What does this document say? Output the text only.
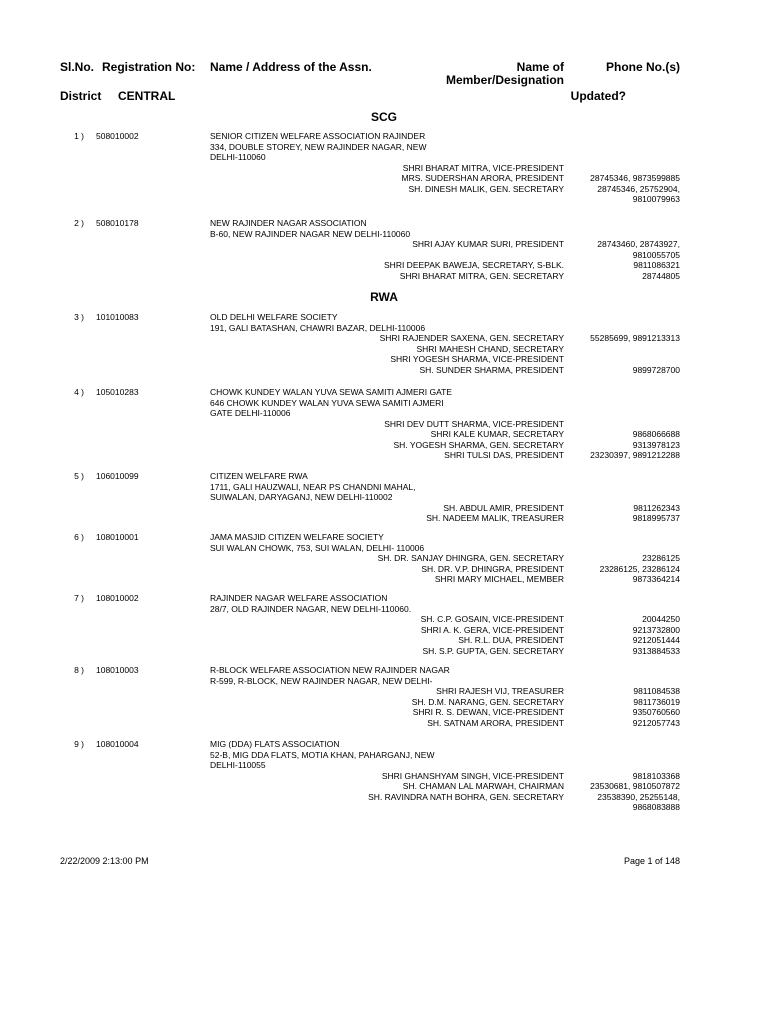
Sl.No. Registration No: Name / Address of the Assn.	Name of
Member/Designation
Phone No.(s)
District CENTRAL	Updated?
SCG
1 ) 508010002	SENIOR CITIZEN WELFARE ASSOCIATION RAJINDER
334, DOUBLE STOREY, NEW RAJINDER NAGAR, NEW
DELHI-110060
SHRI BHARAT MITRA, VICE-PRESIDENT
MRS. SUDERSHAN ARORA, PRESIDENT	28745346, 9873599885
SH. DINESH MALIK, GEN. SECRETARY	28745346, 25752904,
9810079963
2 ) 508010178	NEW RAJINDER NAGAR ASSOCIATION
B-60, NEW RAJINDER NAGAR NEW DELHI-110060
SHRI AJAY KUMAR SURI, PRESIDENT	28743460, 28743927,
9810055705
SHRI DEEPAK BAWEJA, SECRETARY, S-BLK.	9811086321
SHRI BHARAT MITRA, GEN. SECRETARY	28744805
RWA
3 ) 101010083	OLD DELHI WELFARE SOCIETY
191, GALI BATASHAN, CHAWRI BAZAR, DELHI-110006
SHRI RAJENDER SAXENA, GEN. SECRETARY	55285699, 9891213313
SHRI MAHESH CHAND, SECRETARY
SHRI YOGESH SHARMA, VICE-PRESIDENT
SH. SUNDER SHARMA, PRESIDENT	9899728700
4 ) 105010283	CHOWK KUNDEY WALAN YUVA SEWA SAMITI AJMERI GATE
646 CHOWK KUNDEY WALAN YUVA SEWA SAMITI AJMERI
GATE DELHI-110006
SHRI DEV DUTT SHARMA, VICE-PRESIDENT
SHRI KALE KUMAR, SECRETARY	9868066688
SH. YOGESH SHARMA, GEN. SECRETARY	9313978123
SHRI TULSI DAS, PRESIDENT	23230397, 9891212288
5 ) 106010099	CITIZEN WELFARE RWA
1711, GALI HAUZWALI, NEAR PS CHANDNI MAHAL,
SUIWALAN, DARYAGANJ, NEW DELHI-110002
SH. ABDUL AMIR, PRESIDENT	9811262343
SH. NADEEM MALIK, TREASURER	9818995737
6 ) 108010001	JAMA MASJID CITIZEN WELFARE SOCIETY
SUI WALAN CHOWK, 753, SUI WALAN, DELHI- 110006
SH. DR. SANJAY DHINGRA, GEN. SECRETARY	23286125
SH. DR. V.P. DHINGRA, PRESIDENT	23286125, 23286124
SHRI MARY MICHAEL, MEMBER	9873364214
7 ) 108010002	RAJINDER NAGAR WELFARE ASSOCIATION
28/7, OLD RAJINDER NAGAR, NEW DELHI-110060.
SH. C.P. GOSAIN, VICE-PRESIDENT	20044250
SHRI A. K. GERA, VICE-PRESIDENT	9213732800
SH. R.L. DUA, PRESIDENT	9212051444
SH. S.P. GUPTA, GEN. SECRETARY	9313884533
8 ) 108010003	R-BLOCK WELFARE ASSOCIATION NEW RAJINDER NAGAR
R-599, R-BLOCK, NEW RAJINDER NAGAR, NEW DELHI-
SHRI RAJESH VIJ, TREASURER	9811084538
SH. D.M. NARANG, GEN. SECRETARY	9811736019
SHRI R. S. DEWAN, VICE-PRESIDENT	9350760560
SH. SATNAM ARORA, PRESIDENT	9212057743
9 ) 108010004	MIG (DDA) FLATS ASSOCIATION
52-B, MIG DDA FLATS, MOTIA KHAN, PAHARGANJ, NEW
DELHI-110055
SHRI GHANSHYAM SINGH, VICE-PRESIDENT	9818103368
SH. CHAMAN LAL MARWAH, CHAIRMAN	23530681, 9810507872
SH. RAVINDRA NATH BOHRA, GEN. SECRETARY	23538390, 25255148,
9868083888
2/22/2009 2:13:00 PM	Page 1 of 148
